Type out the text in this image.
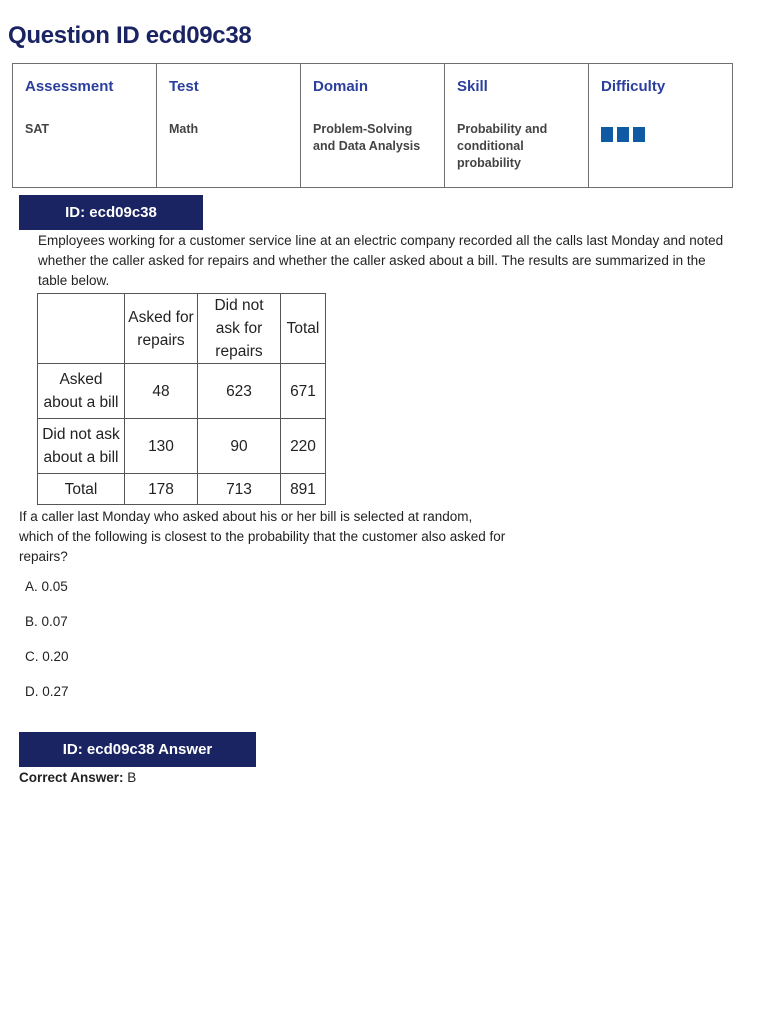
Question ID ecd09c38
Assessment
SAT

Test
Math

Domain
Problem-Solving and Data Analysis

Skill
Probability and conditional probability

Difficulty
ID: ecd09c38

Employees working for a customer service line at an electric company recorded all the calls last Monday and noted whether the caller asked for repairs and whether the caller asked about a bill. The results are summarized in the table below.

	Asked for repairs	Did not ask for repairs	Total
Asked about a bill	48	623	671
Did not ask about a bill	130	90	220
Total	178	713	891

If a caller last Monday who asked about his or her bill is selected at random, which of the following is closest to the probability that the customer also asked for repairs?

A. 0.05

B. 0.07

C. 0.20

D. 0.27

ID: ecd09c38 Answer

Correct Answer: B
